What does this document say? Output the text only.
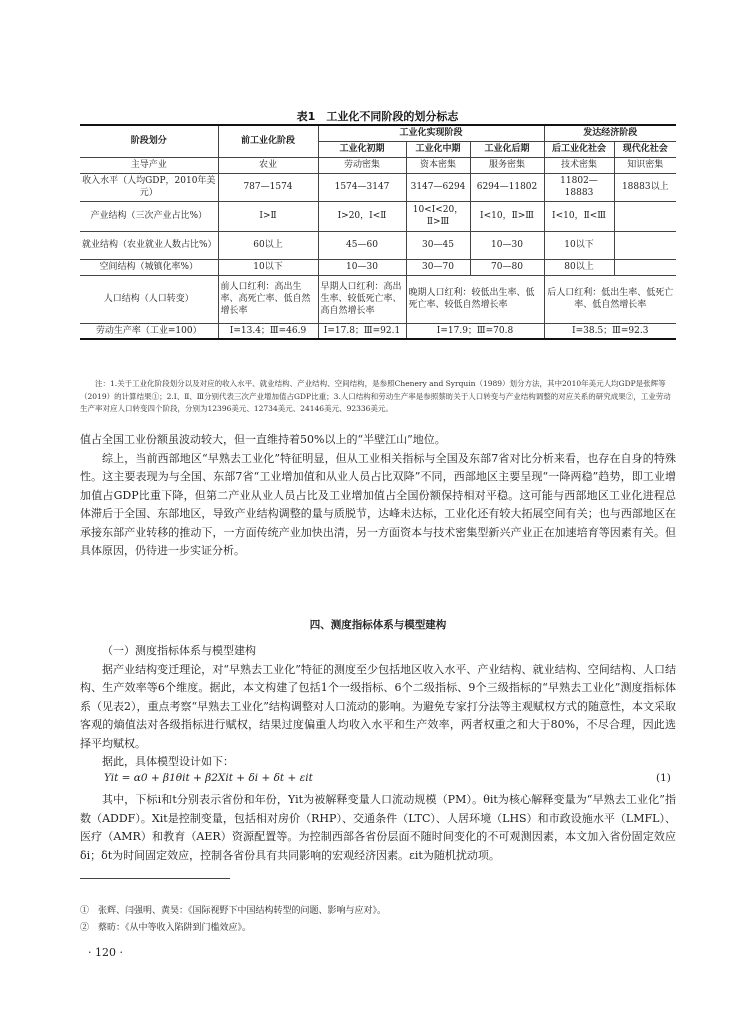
表1　工业化不同阶段的划分标志
阶段划分	前工业化阶段	工业化实现阶段			发达经济阶段	
		工业化初期	工业化中期	工业化后期	后工业化社会	现代化社会
主导产业	农业	劳动密集	资本密集	服务密集	技术密集	知识密集
收入水平（人均GDP，2010年美元）	787—1574	1574—3147	3147—6294	6294—11802	11802—18883	18883以上
产业结构（三次产业占比%）	Ⅰ>Ⅱ	Ⅰ>20，Ⅰ<Ⅱ	10<Ⅰ<20，Ⅱ>Ⅲ	Ⅰ<10，Ⅱ>Ⅲ	Ⅰ<10，Ⅱ<Ⅲ	
就业结构（农业就业人数占比%）	60以上	45—60	30—45	10—30	10以下	
空间结构（城镇化率%）	10以下	10—30	30—70	70—80	80以上	
人口结构（人口转变）	前人口红利：高出生率、高死亡率、低自然增长率	早期人口红利：高出生率、较低死亡率、高自然增长率	晚期人口红利：较低出生率、低死亡率、较低自然增长率		后人口红利：低出生率、低死亡率、低自然增长率	
劳动生产率（工业=100）	Ⅰ=13.4；Ⅲ=46.9	Ⅰ=17.8；Ⅲ=92.1	Ⅰ=17.9；Ⅲ=70.8		Ⅰ=38.5；Ⅲ=92.3	
注：1.关于工业化阶段划分以及对应的收入水平、就业结构、产业结构、空间结构，是参照Chenery and Syrquin（1989）划分方法，其中2010年美元人均GDP是张辉等（2019）的计算结果①；2.Ⅰ、Ⅱ、Ⅲ分别代表三次产业增加值占GDP比重；3.人口结构和劳动生产率是参照蔡昉关于人口转变与产业结构调整的对应关系的研究成果②，工业劳动生产率对应人口转变四个阶段，分别为12396美元、12734美元、24146美元、92336美元。

值占全国工业份额虽波动较大，但一直维持着50%以上的“半壁江山”地位。

综上，当前西部地区“早熟去工业化”特征明显，但从工业相关指标与全国及东部7省对比分析来看，也存在自身的特殊性。这主要表现为与全国、东部7省“工业增加值和从业人员占比双降”不同，西部地区主要呈现“一降两稳”趋势，即工业增加值占GDP比重下降，但第二产业从业人员占比及工业增加值占全国份额保持相对平稳。这可能与西部地区工业化进程总体滞后于全国、东部地区，导致产业结构调整的量与质脱节，达峰未达标，工业化还有较大拓展空间有关；也与西部地区在承接东部产业转移的推动下，一方面传统产业加快出清，另一方面资本与技术密集型新兴产业正在加速培育等因素有关。但具体原因，仍待进一步实证分析。

四、测度指标体系与模型建构

（一）测度指标体系与模型建构

据产业结构变迁理论，对“早熟去工业化”特征的测度至少包括地区收入水平、产业结构、就业结构、空间结构、人口结构、生产效率等6个维度。据此，本文构建了包括1个一级指标、6个二级指标、9个三级指标的“早熟去工业化”测度指标体系（见表2），重点考察“早熟去工业化”结构调整对人口流动的影响。为避免专家打分法等主观赋权方式的随意性，本文采取客观的熵值法对各级指标进行赋权，结果过度偏重人均收入水平和生产效率，两者权重之和大于80%，不尽合理，因此选择平均赋权。

据此，具体模型设计如下：

Yit = α0 + β1θit + β2Xit + δi + δt + εit	(1)

其中，下标i和t分别表示省份和年份，Yit为被解释变量人口流动规模（PM）。θit为核心解释变量为“早熟去工业化”指数（ADDF）。Xit是控制变量，包括相对房价（RHP）、交通条件（LTC）、人居环境（LHS）和市政设施水平（LMFL）、医疗（AMR）和教育（AER）资源配置等。为控制西部各省份层面不随时间变化的不可观测因素，本文加入省份固定效应δi；δt为时间固定效应，控制各省份具有共同影响的宏观经济因素。εit为随机扰动项。

①　张辉、闫强明、黄昊：《国际视野下中国结构转型的问题、影响与应对》。
②　蔡昉：《从中等收入陷阱到门槛效应》。
· 120 ·
